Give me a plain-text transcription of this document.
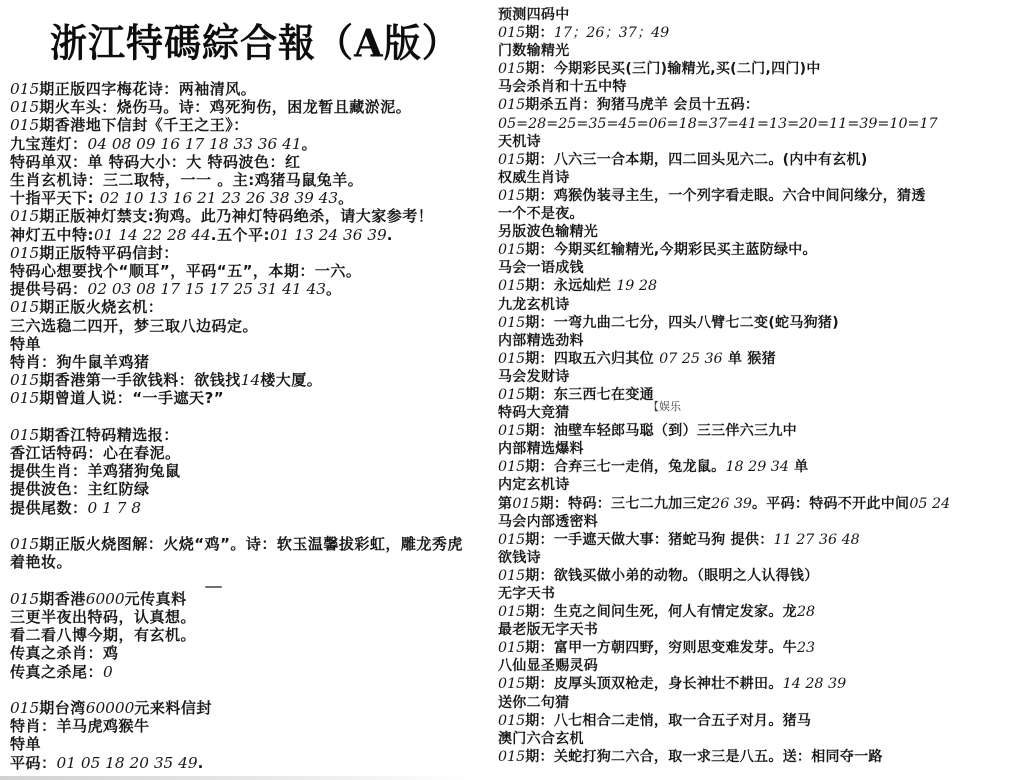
浙江特碼綜合報（A版）
015期正版四字梅花诗：两袖清风。
015期火车头：烧伤马。诗：鸡死狗伤，困龙暂且藏淤泥。
015期香港地下信封《千王之王》：
九宝莲灯：04 08 09 16 17 18 33 36 41。
特码单双：单 特码大小：大 特码波色：红
生肖玄机诗：三二取特，一一 。主:鸡猪马鼠兔羊。
十指平天下: 02 10 13 16 21 23 26 38 39 43。
015期正版神灯禁支:狗鸡。此乃神灯特码绝杀，请大家参考！
神灯五中特:01 14 22 28 44.五个平:01 13 24 36 39.
015期正版特平码信封：
特码心想要找个“顺耳”，平码“五”，本期：一六。
提供号码：02 03 08 17 15 17 25 31 41 43。
015期正版火烧玄机：
三六选稳二四开，梦三取八边码定。
特单
特肖：狗牛鼠羊鸡猪
015期香港第一手欲钱料：欲钱找14楼大厦。
015期曾道人说：“一手遮天?”

015期香江特码精选报：
香江话特码：心在春泥。
提供生肖：羊鸡猪狗兔鼠
提供波色：主红防绿
提供尾数：0 1 7 8

015期正版火烧图解：火烧“鸡”。诗：软玉温馨拔彩虹，雕龙秀虎
着艳妆。

015期香港6000元传真料
三更半夜出特码，认真想。
看二看八博今期，有玄机。
传真之杀肖：鸡
传真之杀尾：0

015期台湾60000元来料信封
特肖：羊马虎鸡猴牛
特单
平码：01 05 18 20 35 49.
预测四码中
015期：17；26；37；49
门数输精光
015期：今期彩民买(三门)输精光,买(二门,四门)中
马会杀肖和十五中特
015期杀五肖：狗猪马虎羊 会员十五码：
05=28=25=35=45=06=18=37=41=13=20=11=39=10=17
天机诗
015期：八六三一合本期，四二回头见六二。(内中有玄机)
权威生肖诗
015期：鸡猴伪装寻主生，一个列字看走眼。六合中间问缘分，猜透
一个不是夜。
另版波色输精光
015期：今期买红输精光,今期彩民买主蓝防绿中。
马会一语成钱
015期：永远灿烂 19 28
九龙玄机诗
015期：一弯九曲二七分，四头八臂七二变(蛇马狗猪)
内部精选劲料
015期：四取五六归其位 07 25 36 单 猴猪
马会发财诗
015期：东三西七在变通
特码大竞猜
015期：油壁车轻郎马聪（到）三三伴六三九中
内部精选爆料
015期：合弃三七一走俏，兔龙鼠。18 29 34 单
内定玄机诗
第015期：特码：三七二九加三定26 39。平码：特码不开此中间05 24
马会内部透密料
015期：一手遮天做大事：猪蛇马狗 提供：11 27 36 48
欲钱诗
015期：欲钱买做小弟的动物。（眼明之人认得钱）
无字天书
015期：生克之间问生死，何人有情定发家。龙28
最老版无字天书
015期：富甲一方朝四野，穷则思变难发芽。牛23
八仙显圣赐灵码
015期：皮厚头顶双枪走，身长神壮不耕田。14 28 39
送你二句猜
015期：八七相合二走悄，取一合五子对月。猪马
澳门六合玄机
015期：关蛇打狗二六合，取一求三是八五。送：相同夺一路
【娱乐
